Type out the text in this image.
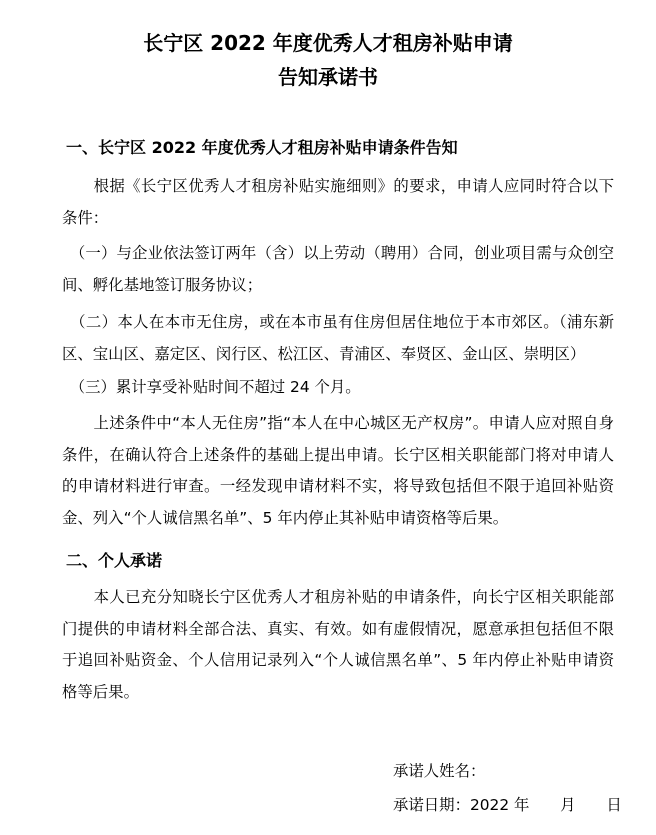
长宁区 2022 年度优秀人才租房补贴申请
告知承诺书
一、长宁区 2022 年度优秀人才租房补贴申请条件告知

　　根据《长宁区优秀人才租房补贴实施细则》的要求，申请人应同时符合以下条件：

　（一）与企业依法签订两年（含）以上劳动（聘用）合同，创业项目需与众创空间、孵化基地签订服务协议；

　（二）本人在本市无住房，或在本市虽有住房但居住地位于本市郊区。（浦东新区、宝山区、嘉定区、闵行区、松江区、青浦区、奉贤区、金山区、崇明区）

　（三）累计享受补贴时间不超过 24 个月。

　　上述条件中“本人无住房”指“本人在中心城区无产权房”。申请人应对照自身条件，在确认符合上述条件的基础上提出申请。长宁区相关职能部门将对申请人的申请材料进行审查。一经发现申请材料不实，将导致包括但不限于追回补贴资金、列入“个人诚信黑名单”、5 年内停止其补贴申请资格等后果。

二、个人承诺

　　本人已充分知晓长宁区优秀人才租房补贴的申请条件，向长宁区相关职能部门提供的申请材料全部合法、真实、有效。如有虚假情况，愿意承担包括但不限于追回补贴资金、个人信用记录列入“个人诚信黑名单”、5 年内停止补贴申请资格等后果。

承诺人姓名：
承诺日期：2022 年　　月　　日
